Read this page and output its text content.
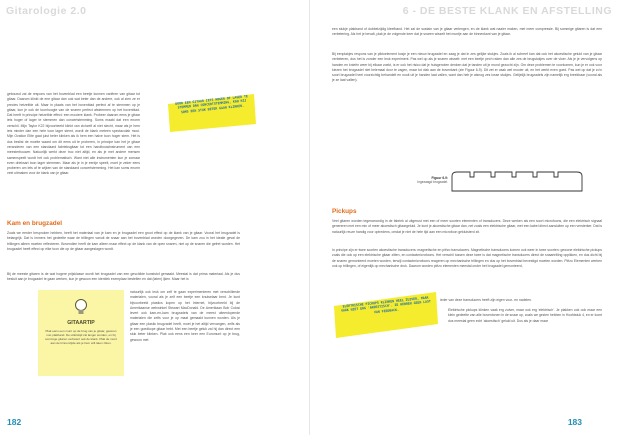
Gitarologie 2.0

gebouwd zal de respons van het bovenblad een beetje kunnen variëren van gitaar tot gitaar. Daarom klinkt de ene gitaar dan ook wat beter dan de andere, ook al zien ze er precies hetzelfde uit. Maar in plaats van het bovenblad perfect af te stemmen op je gitaar, kun je ook de toonhoogte van de snaren perfect afstemmen op het bovenblad. Dat heeft in principe hetzelfde effect: een mooiere klank. Probeer daarom eens je gitaar iets hoger of lager te stemmen dan concertstemming. Soms maakt dat een enorm verschil. Mijn Taylor K22 bijvoorbeeld klinkt van zichzelf al niet slecht, maar als je hem iets minder dan een hele toon lager stemt, wordt de klank meteen spectaculair mooi. Mijn Ovation Elite gaat juist beter klinken als ik hem een halve toon hoger stem. Het is dus beslist de moeite waard om dit eens uit te proberen, in principe kan het je gitaar veranderen van een standaard fabrieksgitaar tot een handbouwinstrument van een meesterbouwer. Natuurlijk werkt deze truc niet altijd, en als je met andere mensen samenspeelt wordt het ook problematisch. Want niet alle instrumenten kun je zomaar even drieksart toon lager stemmen. Maar als je in je eentje speelt, moet je zeker eens proberen om iets af te wijken van de standaard concertstemming. Het kan soms enorm veel uitmaken voor de klank van je gitaar.

DOOR EEN GITAAR IETS HOGER OF LAGER TE STEMMEN DAN CONCERTSTEMMING, KAN HIJ SOMS EEN STUK BETER GAAN KLINKEN.
Kam en brugzadel

Zoals we eerder besproken hebben, heeft het materiaal van je kam en je brugzadel een groot effect op de klank van je gitaar. Vooral het brugzadel is belangrijk. Dat is immers het gedeelte waar de trillingen vanuit de snaar aan het bovenblad worden doorgegeven. De kam zou in het ideale geval de trillingen alleen moeten reflecteren. Bovendien heeft de kam alleen maar effect op de klank van de open snaren, niet op de snaren die gefret worden. Het brugzadel heeft effect op elke toon die op de gitaar aangeslagen wordt.

Bij de meeste gitaren is de wat hogere prijsklasse wordt het brugzadel van een geschikte kunststof gemaakt. Meestal is dat prima materiaal. Als je dus besluit aan je brugzadel te gaan werken, kun je gewoon een identiek exemplaar bestellen en dat (laten) ijken. Maar het is

natuurlijk ook leuk om zelf te gaan experimenteren met verschillende materialen, vooral als je zelf een beetje een knutselaar bent. Je kunt bijvoorbeeld plastics kopen op het Internet, bijvoorbeeld bij de Amerikaanse webwinkel Stewart MacDonald. De Amerikaan Bob Colosi levert ook kam-en-kam brugzadels van de meest uiteenlopende materialen die zelfs voor je op maat gemaakt kunnen worden. Als je gitaar een plastic brugzadel heeft, moet je het altijd vervangen, zelfs als je een goedkope gitaar hebt. Met een beetje geluk zal hij dan direct een stuk beter klinken. Plak ook eens een keer een Euromunt op je brug, gewoon met

GITAARTIP
Plak eens een munt op de brug van je gitaar, gewoon met plakband. De uitkristijd zal langer worden, en bij sommige gitaren verbetert ook de klank. Plak de munt aan de binnenzijde als je hem wilt laten zitten.
182
6 - DE BESTE KLANK EN AFSTELLING

een stukje plakband of dubbelzijdig kleefband. Het zal de sustain van je gitaar verlengen, en de klank wat naaier maken, met meer compressie. Bij sommige gitaren is dat een verbetering. Als het je bevalt, plak je de volgende keer dat je snaren wisselt het muntje aan de binnenkant van je gitaar.

Bij eenplakjes respons van je plktoelement kosje je een nieuw brugzadel en zaag je dat in zes gelijke stukjes. Zoals ik al schreef kan dat ook het akoestische geluid van je gitaar verbeteren, dus het is zonder een leuk experiment. Pas wel op als je snaren wisselt: met een beetje pech raken dan alle zes de brugstukjes over de vloer. Als je je vervolgens op handen en knieën weer bij elkaar zoekt, is er ook het risico dat je huisgenoten denken dat je tanden uit je mond gezocht zijn. Om deze problemen te voorkomen, kun je er ook voor kiezen het brugzadel niet helemaal door te zagen, maar tot vlak aan de bovenkant (zie Figuur 6-9). Dit zet er vaak wel mooier uit, en het werkt even goed. Pas wel op dat je zo'n soort brugzadel heel voorzichtig behandelt en nooit uit je handen laat vallen, want dan heb je alsnog zes losse stukjes. Gelijelijk brugzadels zijn namelijk erg breekbaar (vooral als je ze laat vallen).

Figuur 6-9:
Ingezaagd brugzadel.
Pickups

Veel gitaren worden tegenwoordig in de fabriek al uitgerust met een of meer soorten elementen of transducers. Deze werken als een soort microfoons, die een elektrisch signaal genereren met een min of meer akoestisch gitaargeluid. Je kunt je akoestische gitaar dan, net zoals een elektrische gitaar, met een kabel direct aansluiten op een versterker. Dat is natuurlijk reuze handig voor optredens, omdat je niet de hele tijd aan een microfoon gekluisterd zit.

In principe zijn er twee soorten akoestische transducers: magnetische en piëzo transducers. Magnetische transducers komen ook weer in twee soorten: gewone elektrische pickups zoals die ook op een elektrische gitaar zitten, en contactmicrofoons. Het verschil tussen deze twee is dat magnetische transducers direct de snaartrilling oppikken, en dus dicht bij de snaren gemonteerd moeten worden, terwijl contactmicrofoons reageren op mechanische trillingen en dus op het bovenblad bevestigd moeten worden. Piëzo Elementen werken ook op trillingen, of eigenlijk op mechanische druk. Daarom worden piëzo elementen meestal onder het brugzadel gemonteerd,

ieder van deze transducers heeft zijn eigen voor- en nadelen.

Elektrische pickups klinken vaak erg zuiver, maar ook erg 'elektrisch'. Je plakken ook ook maar een klein gedeelte van alle boventonen in de snaar op, zoals we gezien hebben in Hoofdstuk 4, en er komt dus meestal geen echt 'akoestisch' geluid uit. Dus als je daar maar

ELEKTRISCHE PICKUPS KLINKEN HEEL ZUIVER, MAAR VAAK NIET ERG 'AKOESTISCH'. ZE HEBBEN GEEN LAST VAN FEEDBACK.
183
